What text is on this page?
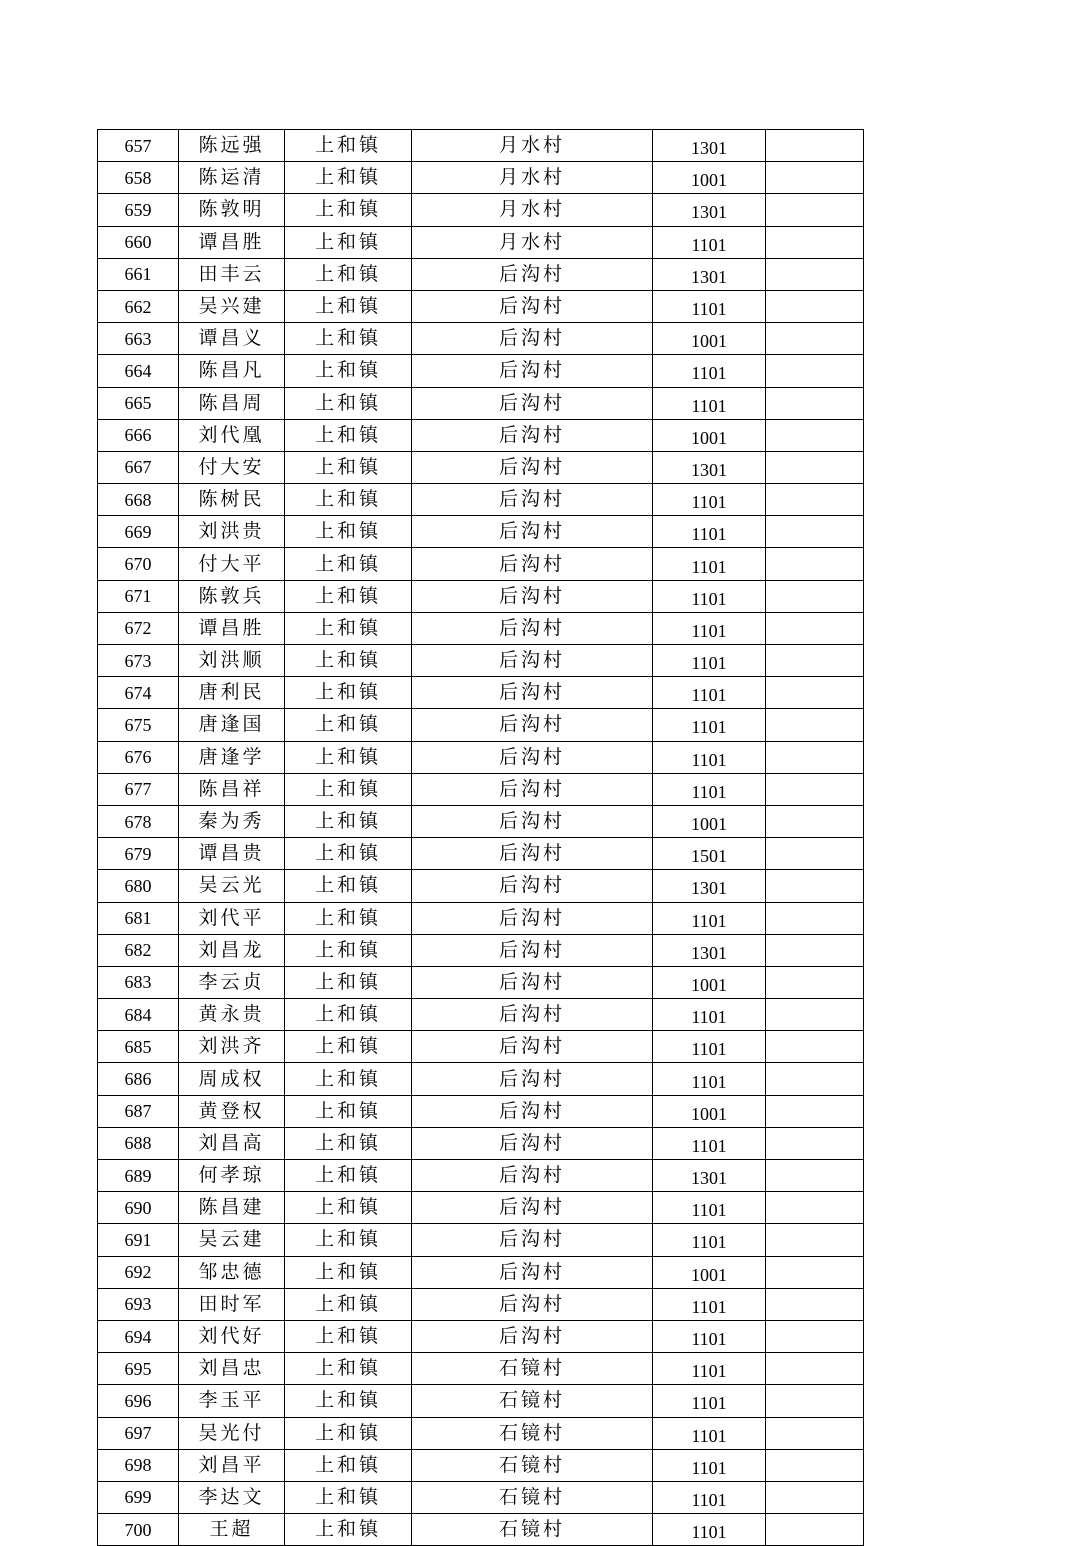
657	陈远强	上和镇	月水村	1301	
658	陈运清	上和镇	月水村	1001	
659	陈敦明	上和镇	月水村	1301	
660	谭昌胜	上和镇	月水村	1101	
661	田丰云	上和镇	后沟村	1301	
662	吴兴建	上和镇	后沟村	1101	
663	谭昌义	上和镇	后沟村	1001	
664	陈昌凡	上和镇	后沟村	1101	
665	陈昌周	上和镇	后沟村	1101	
666	刘代凰	上和镇	后沟村	1001	
667	付大安	上和镇	后沟村	1301	
668	陈树民	上和镇	后沟村	1101	
669	刘洪贵	上和镇	后沟村	1101	
670	付大平	上和镇	后沟村	1101	
671	陈敦兵	上和镇	后沟村	1101	
672	谭昌胜	上和镇	后沟村	1101	
673	刘洪顺	上和镇	后沟村	1101	
674	唐利民	上和镇	后沟村	1101	
675	唐逢国	上和镇	后沟村	1101	
676	唐逢学	上和镇	后沟村	1101	
677	陈昌祥	上和镇	后沟村	1101	
678	秦为秀	上和镇	后沟村	1001	
679	谭昌贵	上和镇	后沟村	1501	
680	吴云光	上和镇	后沟村	1301	
681	刘代平	上和镇	后沟村	1101	
682	刘昌龙	上和镇	后沟村	1301	
683	李云贞	上和镇	后沟村	1001	
684	黄永贵	上和镇	后沟村	1101	
685	刘洪齐	上和镇	后沟村	1101	
686	周成权	上和镇	后沟村	1101	
687	黄登权	上和镇	后沟村	1001	
688	刘昌高	上和镇	后沟村	1101	
689	何孝琼	上和镇	后沟村	1301	
690	陈昌建	上和镇	后沟村	1101	
691	吴云建	上和镇	后沟村	1101	
692	邹忠德	上和镇	后沟村	1001	
693	田时军	上和镇	后沟村	1101	
694	刘代好	上和镇	后沟村	1101	
695	刘昌忠	上和镇	石镜村	1101	
696	李玉平	上和镇	石镜村	1101	
697	吴光付	上和镇	石镜村	1101	
698	刘昌平	上和镇	石镜村	1101	
699	李达文	上和镇	石镜村	1101	
700	王超	上和镇	石镜村	1101	
